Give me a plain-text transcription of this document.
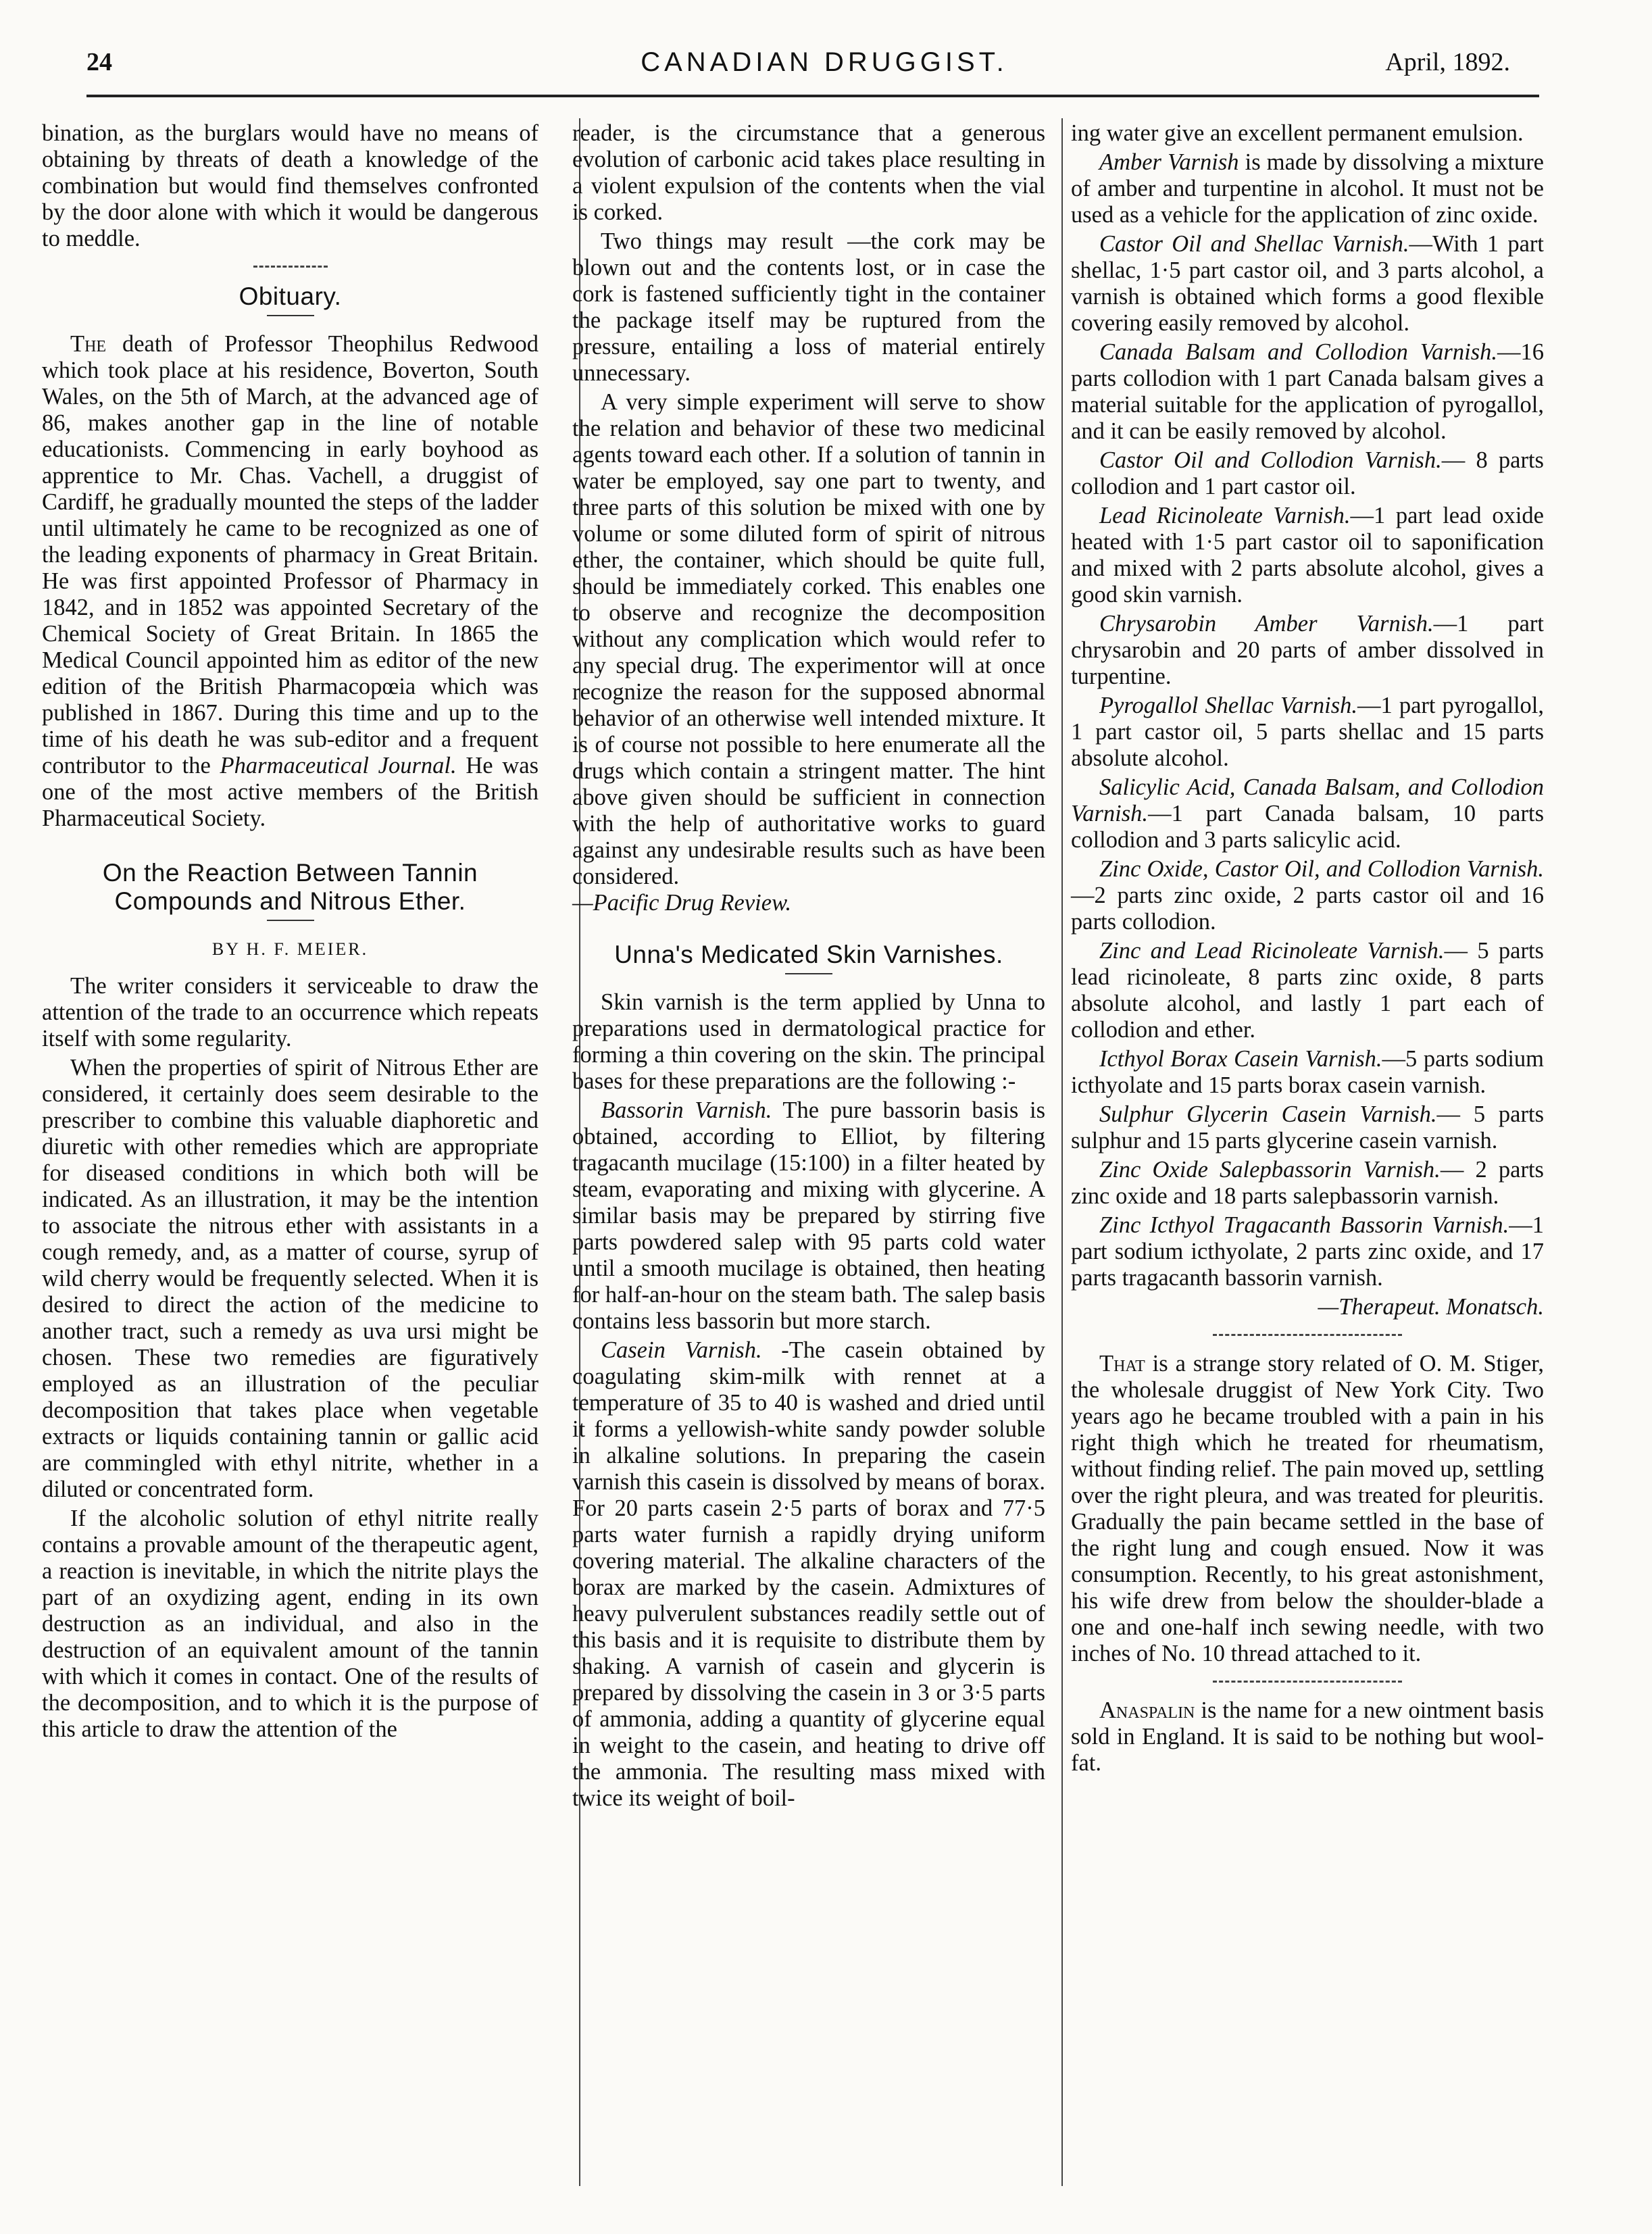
24	CANADIAN DRUGGIST.	April, 1892.

bination, as the burglars would have no means of obtaining by threats of death a knowledge of the combination but would find themselves confronted by the door alone with which it would be dangerous to meddle.

Obituary.

The death of Professor Theophilus Redwood which took place at his residence, Boverton, South Wales, on the 5th of March, at the advanced age of 86, makes another gap in the line of notable educationists. Commencing in early boyhood as apprentice to Mr. Chas. Vachell, a druggist of Cardiff, he gradually mounted the steps of the ladder until ultimately he came to be recognized as one of the leading exponents of pharmacy in Great Britain. He was first appointed Professor of Pharmacy in 1842, and in 1852 was appointed Secretary of the Chemical Society of Great Britain. In 1865 the Medical Council appointed him as editor of the new edition of the British Pharmacopœia which was published in 1867. During this time and up to the time of his death he was sub-editor and a frequent contributor to the Pharmaceutical Journal. He was one of the most active members of the British Pharmaceutical Society.

On the Reaction Between Tannin Compounds and Nitrous Ether.
BY H. F. MEIER.

The writer considers it serviceable to draw the attention of the trade to an occurrence which repeats itself with some regularity.

When the properties of spirit of Nitrous Ether are considered, it certainly does seem desirable to the prescriber to combine this valuable diaphoretic and diuretic with other remedies which are appropriate for diseased conditions in which both will be indicated. As an illustration, it may be the intention to associate the nitrous ether with assistants in a cough remedy, and, as a matter of course, syrup of wild cherry would be frequently selected. When it is desired to direct the action of the medicine to another tract, such a remedy as uva ursi might be chosen. These two remedies are figuratively employed as an illustration of the peculiar decomposition that takes place when vegetable extracts or liquids containing tannin or gallic acid are commingled with ethyl nitrite, whether in a diluted or concentrated form.

If the alcoholic solution of ethyl nitrite really contains a provable amount of the therapeutic agent, a reaction is inevitable, in which the nitrite plays the part of an oxydizing agent, ending in its own destruction as an individual, and also in the destruction of an equivalent amount of the tannin with which it comes in contact. One of the results of the decomposition, and to which it is the purpose of this article to draw the attention of the

reader, is the circumstance that a generous evolution of carbonic acid takes place resulting in a violent expulsion of the contents when the vial is corked.

Two things may result —the cork may be blown out and the contents lost, or in case the cork is fastened sufficiently tight in the container the package itself may be ruptured from the pressure, entailing a loss of material entirely unnecessary.

A very simple experiment will serve to show the relation and behavior of these two medicinal agents toward each other. If a solution of tannin in water be employed, say one part to twenty, and three parts of this solution be mixed with one by volume or some diluted form of spirit of nitrous ether, the container, which should be quite full, should be immediately corked. This enables one to observe and recognize the decomposition without any complication which would refer to any special drug. The experimentor will at once recognize the reason for the supposed abnormal behavior of an otherwise well intended mixture. It is of course not possible to here enumerate all the drugs which contain a stringent matter. The hint above given should be sufficient in connection with the help of authoritative works to guard against any undesirable results such as have been considered.
—Pacific Drug Review.

Unna's Medicated Skin Varnishes.

Skin varnish is the term applied by Unna to preparations used in dermatological practice for forming a thin covering on the skin. The principal bases for these preparations are the following :-

Bassorin Varnish. The pure bassorin basis is obtained, according to Elliot, by filtering tragacanth mucilage (15:100) in a filter heated by steam, evaporating and mixing with glycerine. A similar basis may be prepared by stirring five parts powdered salep with 95 parts cold water until a smooth mucilage is obtained, then heating for half-an-hour on the steam bath. The salep basis contains less bassorin but more starch.

Casein Varnish. -The casein obtained by coagulating skim-milk with rennet at a temperature of 35 to 40 is washed and dried until it forms a yellowish-white sandy powder soluble in alkaline solutions. In preparing the casein varnish this casein is dissolved by means of borax. For 20 parts casein 2·5 parts of borax and 77·5 parts water furnish a rapidly drying uniform covering material. The alkaline characters of the borax are marked by the casein. Admixtures of heavy pulverulent substances readily settle out of this basis and it is requisite to distribute them by shaking. A varnish of casein and glycerin is prepared by dissolving the casein in 3 or 3·5 parts of ammonia, adding a quantity of glycerine equal in weight to the casein, and heating to drive off the ammonia. The resulting mass mixed with twice its weight of boil-

ing water give an excellent permanent emulsion.

Amber Varnish is made by dissolving a mixture of amber and turpentine in alcohol. It must not be used as a vehicle for the application of zinc oxide.

Castor Oil and Shellac Varnish.—With 1 part shellac, 1·5 part castor oil, and 3 parts alcohol, a varnish is obtained which forms a good flexible covering easily removed by alcohol.

Canada Balsam and Collodion Varnish.—16 parts collodion with 1 part Canada balsam gives a material suitable for the application of pyrogallol, and it can be easily removed by alcohol.

Castor Oil and Collodion Varnish.— 8 parts collodion and 1 part castor oil.

Lead Ricinoleate Varnish.—1 part lead oxide heated with 1·5 part castor oil to saponification and mixed with 2 parts absolute alcohol, gives a good skin varnish.

Chrysarobin Amber Varnish.—1 part chrysarobin and 20 parts of amber dissolved in turpentine.

Pyrogallol Shellac Varnish.—1 part pyrogallol, 1 part castor oil, 5 parts shellac and 15 parts absolute alcohol.

Salicylic Acid, Canada Balsam, and Collodion Varnish.—1 part Canada balsam, 10 parts collodion and 3 parts salicylic acid.

Zinc Oxide, Castor Oil, and Collodion Varnish.—2 parts zinc oxide, 2 parts castor oil and 16 parts collodion.

Zinc and Lead Ricinoleate Varnish.— 5 parts lead ricinoleate, 8 parts zinc oxide, 8 parts absolute alcohol, and lastly 1 part each of collodion and ether.

Icthyol Borax Casein Varnish.—5 parts sodium icthyolate and 15 parts borax casein varnish.

Sulphur Glycerin Casein Varnish.— 5 parts sulphur and 15 parts glycerine casein varnish.

Zinc Oxide Salepbassorin Varnish.— 2 parts zinc oxide and 18 parts salepbassorin varnish.

Zinc Icthyol Tragacanth Bassorin Varnish.—1 part sodium icthyolate, 2 parts zinc oxide, and 17 parts tragacanth bassorin varnish.

—Therapeut. Monatsch.

That is a strange story related of O. M. Stiger, the wholesale druggist of New York City. Two years ago he became troubled with a pain in his right thigh which he treated for rheumatism, without finding relief. The pain moved up, settling over the right pleura, and was treated for pleuritis. Gradually the pain became settled in the base of the right lung and cough ensued. Now it was consumption. Recently, to his great astonishment, his wife drew from below the shoulder-blade a one and one-half inch sewing needle, with two inches of No. 10 thread attached to it.

Anaspalin is the name for a new ointment basis sold in England. It is said to be nothing but wool-fat.
